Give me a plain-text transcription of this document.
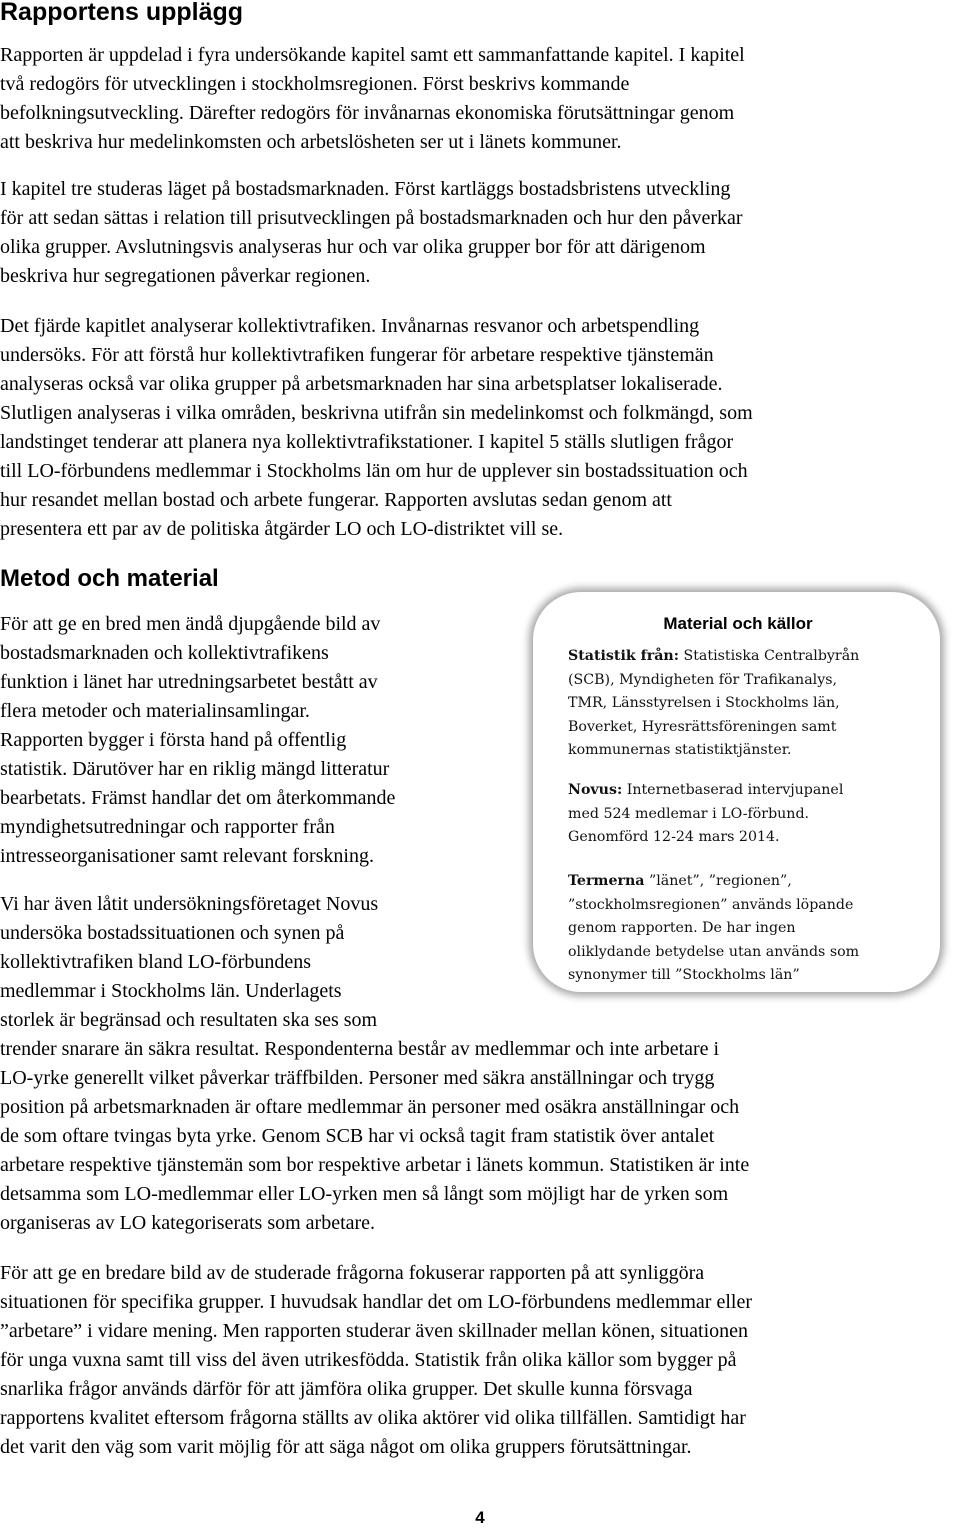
Rapportens upplägg

Rapporten är uppdelad i fyra undersökande kapitel samt ett sammanfattande kapitel. I kapitel
två redogörs för utvecklingen i stockholmsregionen. Först beskrivs kommande
befolkningsutveckling. Därefter redogörs för invånarnas ekonomiska förutsättningar genom
att beskriva hur medelinkomsten och arbetslösheten ser ut i länets kommuner.

I kapitel tre studeras läget på bostadsmarknaden. Först kartläggs bostadsbristens utveckling
för att sedan sättas i relation till prisutvecklingen på bostadsmarknaden och hur den påverkar
olika grupper. Avslutningsvis analyseras hur och var olika grupper bor för att därigenom
beskriva hur segregationen påverkar regionen.

Det fjärde kapitlet analyserar kollektivtrafiken. Invånarnas resvanor och arbetspendling
undersöks. För att förstå hur kollektivtrafiken fungerar för arbetare respektive tjänstemän
analyseras också var olika grupper på arbetsmarknaden har sina arbetsplatser lokaliserade.
Slutligen analyseras i vilka områden, beskrivna utifrån sin medelinkomst och folkmängd, som
landstinget tenderar att planera nya kollektivtrafikstationer. I kapitel 5 ställs slutligen frågor
till LO-förbundens medlemmar i Stockholms län om hur de upplever sin bostadssituation och
hur resandet mellan bostad och arbete fungerar. Rapporten avslutas sedan genom att
presentera ett par av de politiska åtgärder LO och LO-distriktet vill se.

Metod och material

För att ge en bred men ändå djupgående bild av
bostadsmarknaden och kollektivtrafikens
funktion i länet har utredningsarbetet bestått av
flera metoder och materialinsamlingar.
Rapporten bygger i första hand på offentlig
statistik. Därutöver har en riklig mängd litteratur
bearbetats. Främst handlar det om återkommande
myndighetsutredningar och rapporter från
intresseorganisationer samt relevant forskning.

Vi har även låtit undersökningsföretaget Novus
undersöka bostadssituationen och synen på
kollektivtrafiken bland LO-förbundens
medlemmar i Stockholms län. Underlagets
storlek är begränsad och resultaten ska ses som
trender snarare än säkra resultat. Respondenterna består av medlemmar och inte arbetare i
LO-yrke generellt vilket påverkar träffbilden. Personer med säkra anställningar och trygg
position på arbetsmarknaden är oftare medlemmar än personer med osäkra anställningar och
de som oftare tvingas byta yrke. Genom SCB har vi också tagit fram statistik över antalet
arbetare respektive tjänstemän som bor respektive arbetar i länets kommun. Statistiken är inte
detsamma som LO-medlemmar eller LO-yrken men så långt som möjligt har de yrken som
organiseras av LO kategoriserats som arbetare.

För att ge en bredare bild av de studerade frågorna fokuserar rapporten på att synliggöra
situationen för specifika grupper. I huvudsak handlar det om LO-förbundens medlemmar eller
”arbetare” i vidare mening. Men rapporten studerar även skillnader mellan könen, situationen
för unga vuxna samt till viss del även utrikesfödda. Statistik från olika källor som bygger på
snarlika frågor används därför för att jämföra olika grupper. Det skulle kunna försvaga
rapportens kvalitet eftersom frågorna ställts av olika aktörer vid olika tillfällen. Samtidigt har
det varit den väg som varit möjlig för att säga något om olika gruppers förutsättningar.

Material och källor
Statistik från: Statistiska Centralbyrån
(SCB), Myndigheten för Trafikanalys,
TMR, Länsstyrelsen i Stockholms län,
Boverket, Hyresrättsföreningen samt
kommunernas statistiktjänster.
Novus: Internetbaserad intervjupanel
med 524 medlemar i LO-förbund.
Genomförd 12-24 mars 2014.
Termerna ”länet”, ”regionen”,
”stockholmsregionen” används löpande
genom rapporten. De har ingen
oliklydande betydelse utan används som
synonymer till ”Stockholms län”
4
